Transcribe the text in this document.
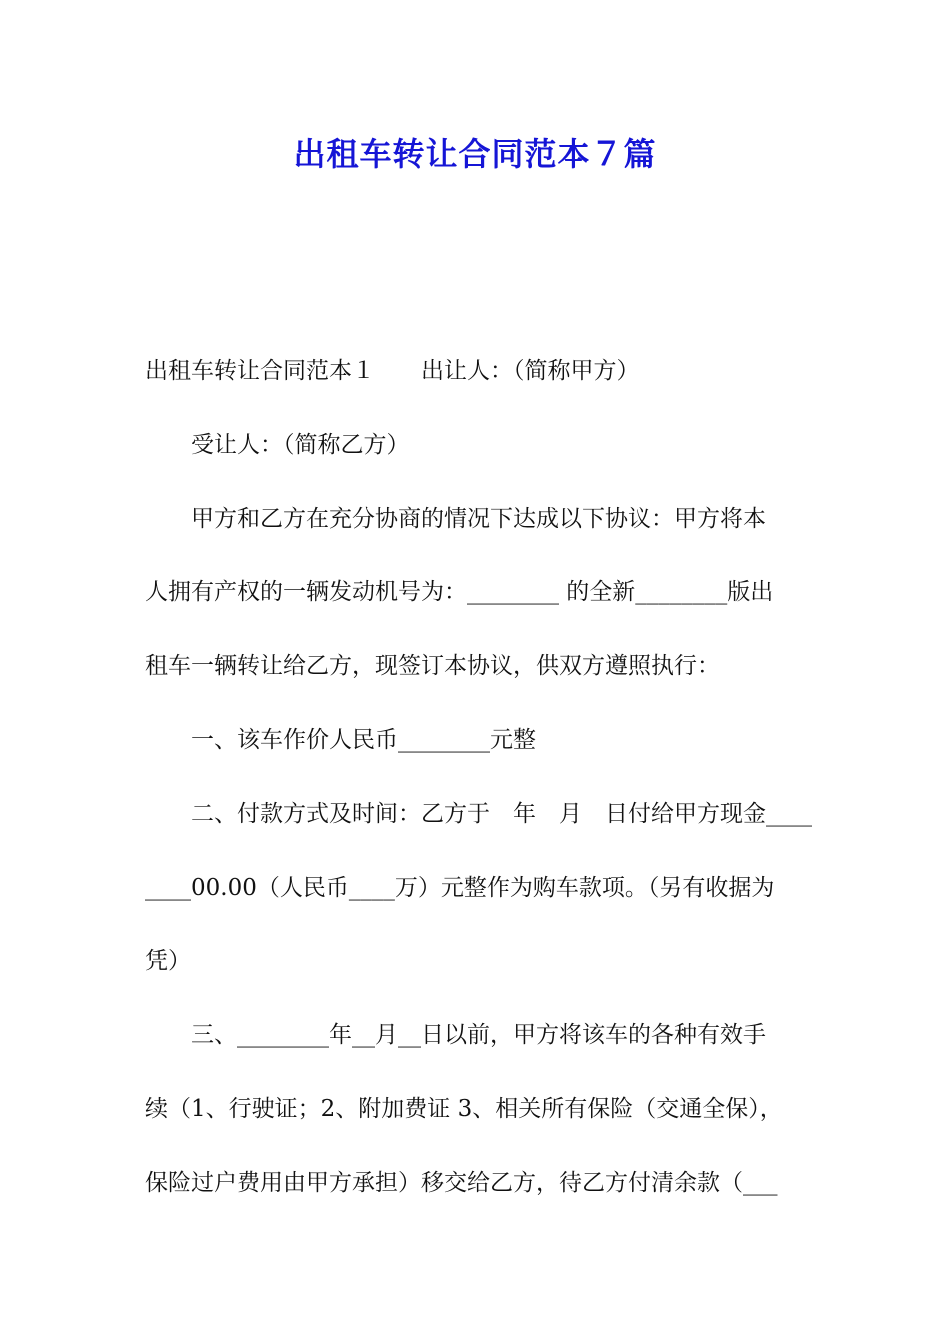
出租车转让合同范本７篇
出租车转让合同范本１　　出让人：（简称甲方）
　　受让人：（简称乙方）
　　甲方和乙方在充分协商的情况下达成以下协议：甲方将本
人拥有产权的一辆发动机号为：________ 的全新________版出
租车一辆转让给乙方，现签订本协议，供双方遵照执行：
　　一、该车作价人民币________元整
　　二、付款方式及时间：乙方于　年　月　日付给甲方现金____
____00.00（人民币____万）元整作为购车款项。（另有收据为
凭）
　　三、________年__月__日以前，甲方将该车的各种有效手
续（1、行驶证；2、附加费证 3、相关所有保险（交通全保），
保险过户费用由甲方承担）移交给乙方，待乙方付清余款（___
